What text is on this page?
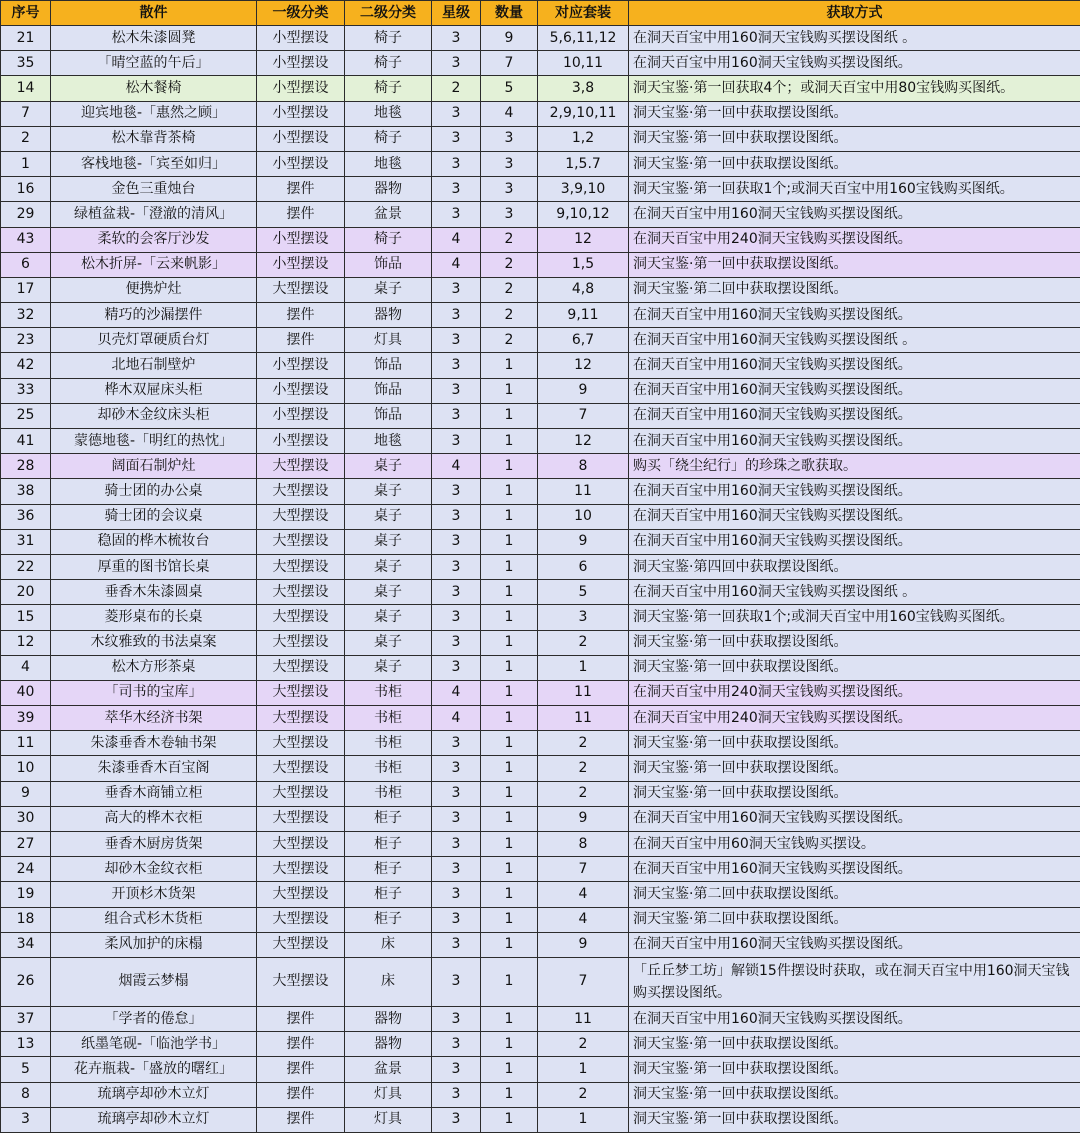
序号	散件	一级分类	二级分类	星级	数量	对应套装	获取方式
21	松木朱漆圆凳	小型摆设	椅子	3	9	5,6,11,12	在洞天百宝中用160洞天宝钱购买摆设图纸 。
35	「晴空蓝的午后」	小型摆设	椅子	3	7	10,11	在洞天百宝中用160洞天宝钱购买摆设图纸。
14	松木餐椅	小型摆设	椅子	2	5	3,8	洞天宝鉴·第一回获取4个；或洞天百宝中用80宝钱购买图纸。
7	迎宾地毯-「惠然之顾」	小型摆设	地毯	3	4	2,9,10,11	洞天宝鉴·第一回中获取摆设图纸。
2	松木靠背茶椅	小型摆设	椅子	3	3	1,2	洞天宝鉴·第一回中获取摆设图纸。
1	客栈地毯-「宾至如归」	小型摆设	地毯	3	3	1,5.7	洞天宝鉴·第一回中获取摆设图纸。
16	金色三重烛台	摆件	器物	3	3	3,9,10	洞天宝鉴·第一回获取1个;或洞天百宝中用160宝钱购买图纸。
29	绿植盆栽-「澄澈的清风」	摆件	盆景	3	3	9,10,12	在洞天百宝中用160洞天宝钱购买摆设图纸。
43	柔软的会客厅沙发	小型摆设	椅子	4	2	12	在洞天百宝中用240洞天宝钱购买摆设图纸。
6	松木折屏-「云来帆影」	小型摆设	饰品	4	2	1,5	洞天宝鉴·第一回中获取摆设图纸。
17	便携炉灶	大型摆设	桌子	3	2	4,8	洞天宝鉴·第二回中获取摆设图纸。
32	精巧的沙漏摆件	摆件	器物	3	2	9,11	在洞天百宝中用160洞天宝钱购买摆设图纸。
23	贝壳灯罩硬质台灯	摆件	灯具	3	2	6,7	在洞天百宝中用160洞天宝钱购买摆设图纸 。
42	北地石制壁炉	小型摆设	饰品	3	1	12	在洞天百宝中用160洞天宝钱购买摆设图纸。
33	桦木双屉床头柜	小型摆设	饰品	3	1	9	在洞天百宝中用160洞天宝钱购买摆设图纸。
25	却砂木金纹床头柜	小型摆设	饰品	3	1	7	在洞天百宝中用160洞天宝钱购买摆设图纸。
41	蒙德地毯-「明红的热忱」	小型摆设	地毯	3	1	12	在洞天百宝中用160洞天宝钱购买摆设图纸。
28	阔面石制炉灶	大型摆设	桌子	4	1	8	购买「绕尘纪行」的珍珠之歌获取。
38	骑士团的办公桌	大型摆设	桌子	3	1	11	在洞天百宝中用160洞天宝钱购买摆设图纸。
36	骑士团的会议桌	大型摆设	桌子	3	1	10	在洞天百宝中用160洞天宝钱购买摆设图纸。
31	稳固的桦木梳妆台	大型摆设	桌子	3	1	9	在洞天百宝中用160洞天宝钱购买摆设图纸。
22	厚重的图书馆长桌	大型摆设	桌子	3	1	6	洞天宝鉴·第四回中获取摆设图纸。
20	垂香木朱漆圆桌	大型摆设	桌子	3	1	5	在洞天百宝中用160洞天宝钱购买摆设图纸 。
15	菱形桌布的长桌	大型摆设	桌子	3	1	3	洞天宝鉴·第一回获取1个;或洞天百宝中用160宝钱购买图纸。
12	木纹雅致的书法桌案	大型摆设	桌子	3	1	2	洞天宝鉴·第一回中获取摆设图纸。
4	松木方形茶桌	大型摆设	桌子	3	1	1	洞天宝鉴·第一回中获取摆设图纸。
40	「司书的宝库」	大型摆设	书柜	4	1	11	在洞天百宝中用240洞天宝钱购买摆设图纸。
39	萃华木经济书架	大型摆设	书柜	4	1	11	在洞天百宝中用240洞天宝钱购买摆设图纸。
11	朱漆垂香木卷轴书架	大型摆设	书柜	3	1	2	洞天宝鉴·第一回中获取摆设图纸。
10	朱漆垂香木百宝阁	大型摆设	书柜	3	1	2	洞天宝鉴·第一回中获取摆设图纸。
9	垂香木商铺立柜	大型摆设	书柜	3	1	2	洞天宝鉴·第一回中获取摆设图纸。
30	高大的桦木衣柜	大型摆设	柜子	3	1	9	在洞天百宝中用160洞天宝钱购买摆设图纸。
27	垂香木厨房货架	大型摆设	柜子	3	1	8	在洞天百宝中用60洞天宝钱购买摆设。
24	却砂木金纹衣柜	大型摆设	柜子	3	1	7	在洞天百宝中用160洞天宝钱购买摆设图纸。
19	开顶杉木货架	大型摆设	柜子	3	1	4	洞天宝鉴·第二回中获取摆设图纸。
18	组合式杉木货柜	大型摆设	柜子	3	1	4	洞天宝鉴·第二回中获取摆设图纸。
34	柔风加护的床榻	大型摆设	床	3	1	9	在洞天百宝中用160洞天宝钱购买摆设图纸。
26	烟霞云梦榻	大型摆设	床	3	1	7	「丘丘梦工坊」解锁15件摆设时获取，或在洞天百宝中用160洞天宝钱购买摆设图纸。
37	「学者的倦怠」	摆件	器物	3	1	11	在洞天百宝中用160洞天宝钱购买摆设图纸。
13	纸墨笔砚-「临池学书」	摆件	器物	3	1	2	洞天宝鉴·第一回中获取摆设图纸。
5	花卉瓶栽-「盛放的曙红」	摆件	盆景	3	1	1	洞天宝鉴·第一回中获取摆设图纸。
8	琉璃亭却砂木立灯	摆件	灯具	3	1	2	洞天宝鉴·第一回中获取摆设图纸。
3	琉璃亭却砂木立灯	摆件	灯具	3	1	1	洞天宝鉴·第一回中获取摆设图纸。
